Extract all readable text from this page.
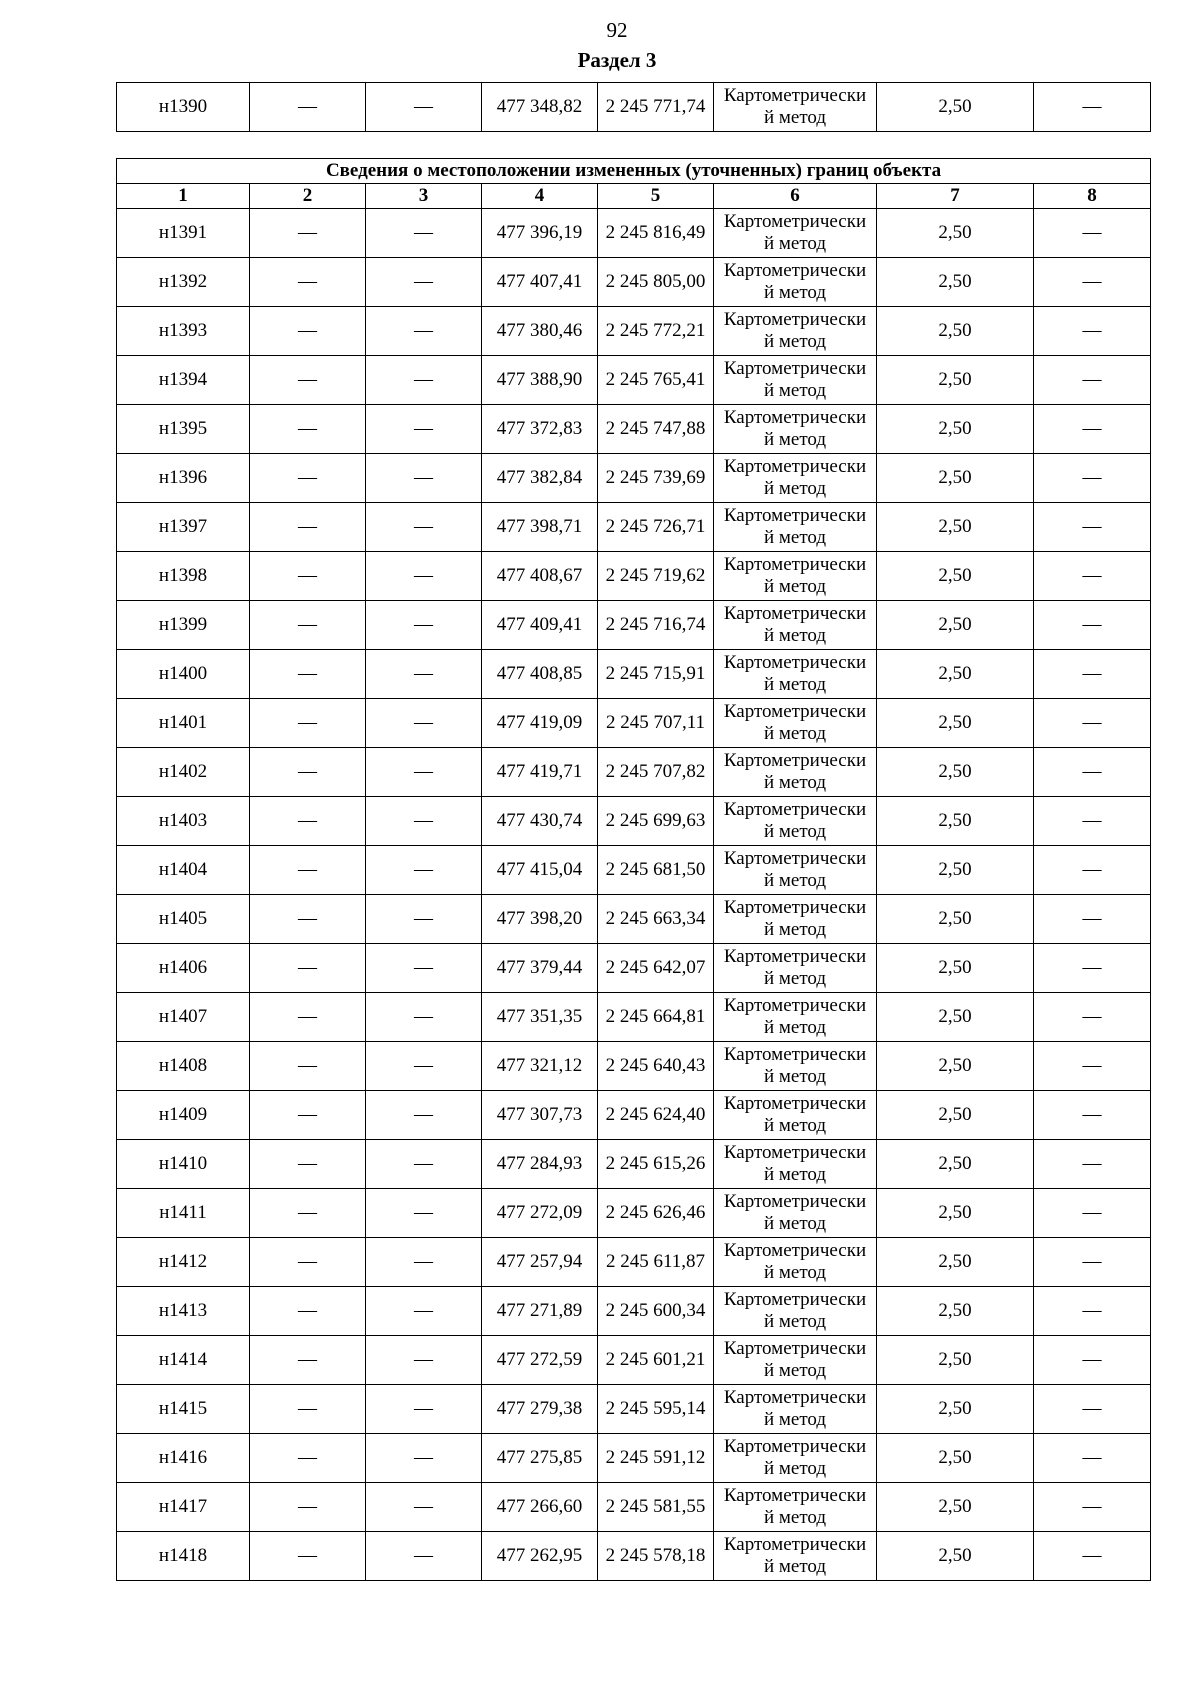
92
Раздел 3
н1390	—	—	477 348,82	2 245 771,74	
Картометрически
й метод
	2,50	—
Сведения о местоположении измененных (уточненных) границ объекта							
1	2	3	4	5	6	7	8
н1391	—	—	477 396,19	2 245 816,49	Картометрически
й метод	2,50	—
н1392	—	—	477 407,41	2 245 805,00	Картометрически
й метод	2,50	—
н1393	—	—	477 380,46	2 245 772,21	Картометрически
й метод	2,50	—
н1394	—	—	477 388,90	2 245 765,41	Картометрически
й метод	2,50	—
н1395	—	—	477 372,83	2 245 747,88	Картометрически
й метод	2,50	—
н1396	—	—	477 382,84	2 245 739,69	Картометрически
й метод	2,50	—
н1397	—	—	477 398,71	2 245 726,71	Картометрически
й метод	2,50	—
н1398	—	—	477 408,67	2 245 719,62	Картометрически
й метод	2,50	—
н1399	—	—	477 409,41	2 245 716,74	Картометрически
й метод	2,50	—
н1400	—	—	477 408,85	2 245 715,91	Картометрически
й метод	2,50	—
н1401	—	—	477 419,09	2 245 707,11	Картометрически
й метод	2,50	—
н1402	—	—	477 419,71	2 245 707,82	Картометрически
й метод	2,50	—
н1403	—	—	477 430,74	2 245 699,63	Картометрически
й метод	2,50	—
н1404	—	—	477 415,04	2 245 681,50	Картометрически
й метод	2,50	—
н1405	—	—	477 398,20	2 245 663,34	Картометрически
й метод	2,50	—
н1406	—	—	477 379,44	2 245 642,07	Картометрически
й метод	2,50	—
н1407	—	—	477 351,35	2 245 664,81	Картометрически
й метод	2,50	—
н1408	—	—	477 321,12	2 245 640,43	Картометрически
й метод	2,50	—
н1409	—	—	477 307,73	2 245 624,40	Картометрически
й метод	2,50	—
н1410	—	—	477 284,93	2 245 615,26	Картометрически
й метод	2,50	—
н1411	—	—	477 272,09	2 245 626,46	Картометрически
й метод	2,50	—
н1412	—	—	477 257,94	2 245 611,87	Картометрически
й метод	2,50	—
н1413	—	—	477 271,89	2 245 600,34	Картометрически
й метод	2,50	—
н1414	—	—	477 272,59	2 245 601,21	Картометрически
й метод	2,50	—
н1415	—	—	477 279,38	2 245 595,14	Картометрически
й метод	2,50	—
н1416	—	—	477 275,85	2 245 591,12	Картометрически
й метод	2,50	—
н1417	—	—	477 266,60	2 245 581,55	Картометрически
й метод	2,50	—
н1418	—	—	477 262,95	2 245 578,18	Картометрически
й метод	2,50	—
